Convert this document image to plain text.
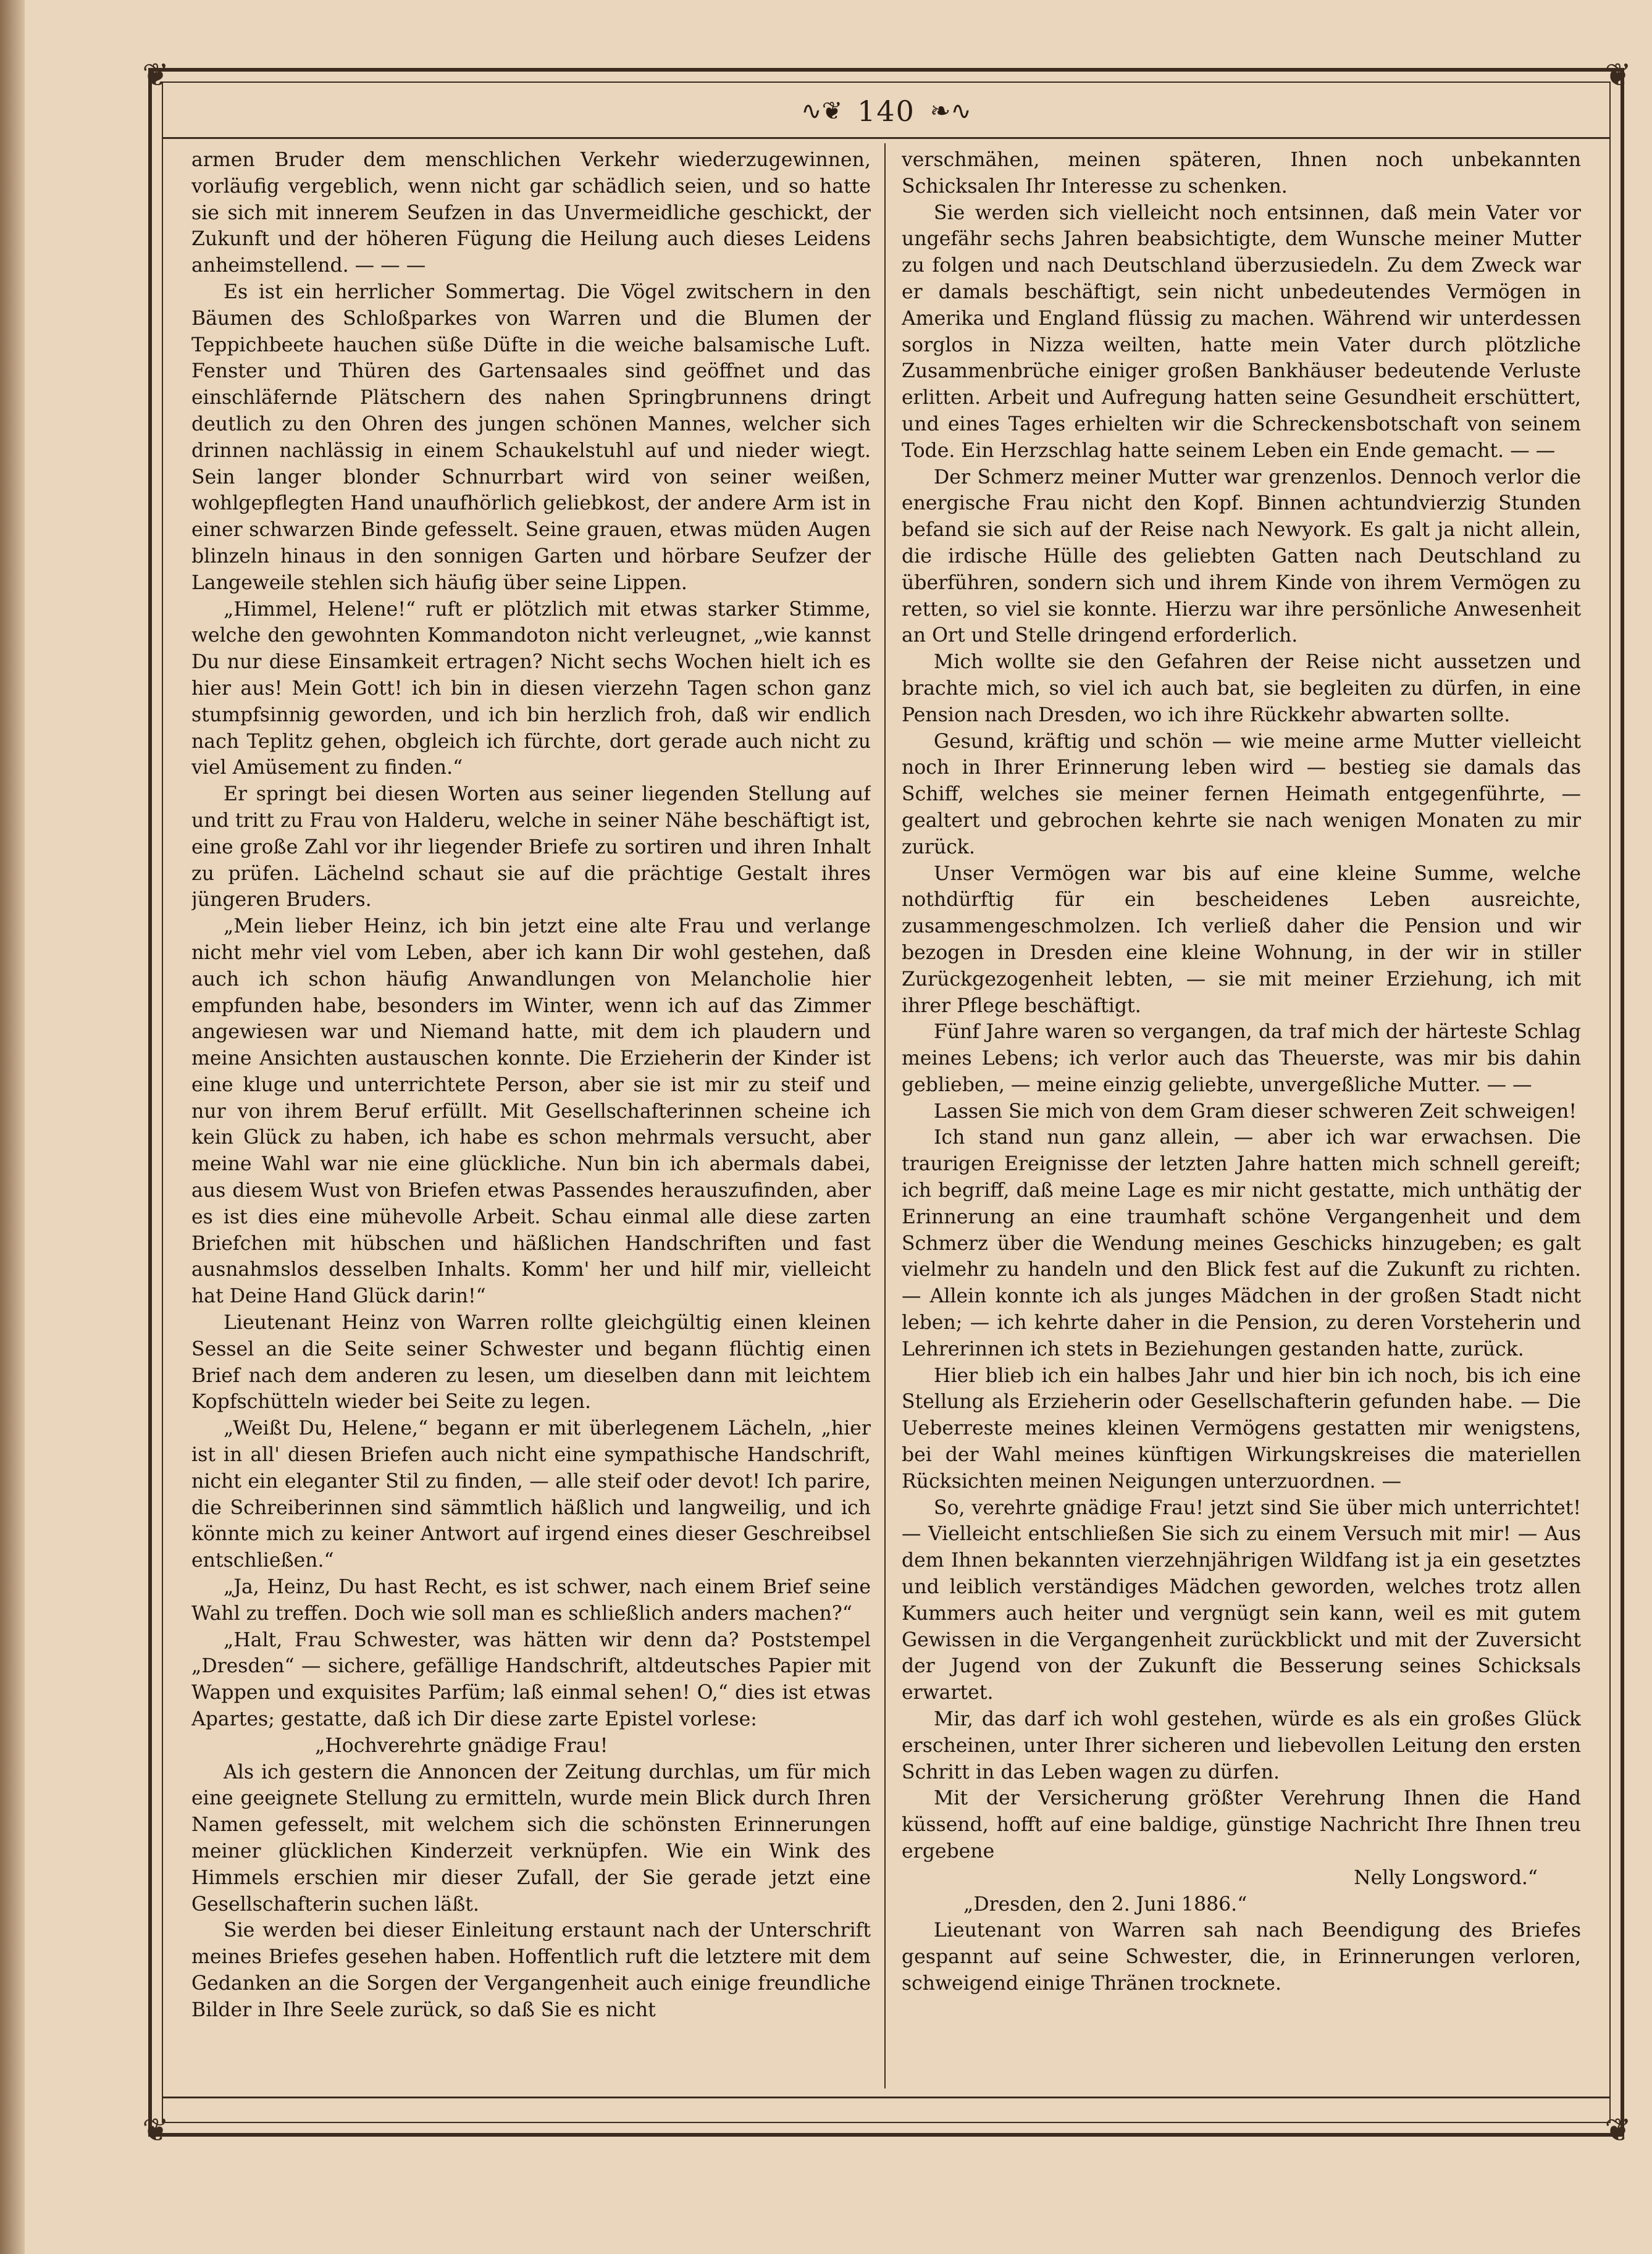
❦	❦
❦	❦
∿❦ 140 ❧∿

armen Bruder dem menschlichen Verkehr wiederzugewinnen, vorläufig vergeblich, wenn nicht gar schädlich seien, und so hatte sie sich mit innerem Seufzen in das Unvermeidliche geschickt, der Zukunft und der höheren Fügung die Heilung auch dieses Leidens anheimstellend. — — —

Es ist ein herrlicher Sommertag. Die Vögel zwitschern in den Bäumen des Schloßparkes von Warren und die Blumen der Teppichbeete hauchen süße Düfte in die weiche balsamische Luft. Fenster und Thüren des Gartensaales sind geöffnet und das einschläfernde Plätschern des nahen Springbrunnens dringt deutlich zu den Ohren des jungen schönen Mannes, welcher sich drinnen nachlässig in einem Schaukelstuhl auf und nieder wiegt. Sein langer blonder Schnurrbart wird von seiner weißen, wohlgepflegten Hand unaufhörlich geliebkost, der andere Arm ist in einer schwarzen Binde gefesselt. Seine grauen, etwas müden Augen blinzeln hinaus in den sonnigen Garten und hörbare Seufzer der Langeweile stehlen sich häufig über seine Lippen.

„Himmel, Helene!“ ruft er plötzlich mit etwas starker Stimme, welche den gewohnten Kommandoton nicht verleugnet, „wie kannst Du nur diese Einsamkeit ertragen? Nicht sechs Wochen hielt ich es hier aus! Mein Gott! ich bin in diesen vierzehn Tagen schon ganz stumpfsinnig geworden, und ich bin herzlich froh, daß wir endlich nach Teplitz gehen, obgleich ich fürchte, dort gerade auch nicht zu viel Amüsement zu finden.“

Er springt bei diesen Worten aus seiner liegenden Stellung auf und tritt zu Frau von Halderu, welche in seiner Nähe beschäftigt ist, eine große Zahl vor ihr liegender Briefe zu sortiren und ihren Inhalt zu prüfen. Lächelnd schaut sie auf die prächtige Gestalt ihres jüngeren Bruders.

„Mein lieber Heinz, ich bin jetzt eine alte Frau und verlange nicht mehr viel vom Leben, aber ich kann Dir wohl gestehen, daß auch ich schon häufig Anwandlungen von Melancholie hier empfunden habe, besonders im Winter, wenn ich auf das Zimmer angewiesen war und Niemand hatte, mit dem ich plaudern und meine Ansichten austauschen konnte. Die Erzieherin der Kinder ist eine kluge und unterrichtete Person, aber sie ist mir zu steif und nur von ihrem Beruf erfüllt. Mit Gesellschafterinnen scheine ich kein Glück zu haben, ich habe es schon mehrmals versucht, aber meine Wahl war nie eine glückliche. Nun bin ich abermals dabei, aus diesem Wust von Briefen etwas Passendes herauszufinden, aber es ist dies eine mühevolle Arbeit. Schau einmal alle diese zarten Briefchen mit hübschen und häßlichen Handschriften und fast ausnahmslos desselben Inhalts. Komm' her und hilf mir, vielleicht hat Deine Hand Glück darin!“

Lieutenant Heinz von Warren rollte gleichgültig einen kleinen Sessel an die Seite seiner Schwester und begann flüchtig einen Brief nach dem anderen zu lesen, um dieselben dann mit leichtem Kopfschütteln wieder bei Seite zu legen.

„Weißt Du, Helene,“ begann er mit überlegenem Lächeln, „hier ist in all' diesen Briefen auch nicht eine sympathische Handschrift, nicht ein eleganter Stil zu finden, — alle steif oder devot! Ich parire, die Schreiberinnen sind sämmtlich häßlich und langweilig, und ich könnte mich zu keiner Antwort auf irgend eines dieser Geschreibsel entschließen.“

„Ja, Heinz, Du hast Recht, es ist schwer, nach einem Brief seine Wahl zu treffen. Doch wie soll man es schließlich anders machen?“

„Halt, Frau Schwester, was hätten wir denn da? Poststempel „Dresden“ — sichere, gefällige Handschrift, altdeutsches Papier mit Wappen und exquisites Parfüm; laß einmal sehen! O,“ dies ist etwas Apartes; gestatte, daß ich Dir diese zarte Epistel vorlese:

„Hochverehrte gnädige Frau!

Als ich gestern die Annoncen der Zeitung durchlas, um für mich eine geeignete Stellung zu ermitteln, wurde mein Blick durch Ihren Namen gefesselt, mit welchem sich die schönsten Erinnerungen meiner glücklichen Kinderzeit verknüpfen. Wie ein Wink des Himmels erschien mir dieser Zufall, der Sie gerade jetzt eine Gesellschafterin suchen läßt.

Sie werden bei dieser Einleitung erstaunt nach der Unterschrift meines Briefes gesehen haben. Hoffentlich ruft die letztere mit dem Gedanken an die Sorgen der Vergangenheit auch einige freundliche Bilder in Ihre Seele zurück, so daß Sie es nicht

verschmähen, meinen späteren, Ihnen noch unbekannten Schicksalen Ihr Interesse zu schenken.

Sie werden sich vielleicht noch entsinnen, daß mein Vater vor ungefähr sechs Jahren beabsichtigte, dem Wunsche meiner Mutter zu folgen und nach Deutschland überzusiedeln. Zu dem Zweck war er damals beschäftigt, sein nicht unbedeutendes Vermögen in Amerika und England flüssig zu machen. Während wir unterdessen sorglos in Nizza weilten, hatte mein Vater durch plötzliche Zusammenbrüche einiger großen Bankhäuser bedeutende Verluste erlitten. Arbeit und Aufregung hatten seine Gesundheit erschüttert, und eines Tages erhielten wir die Schreckensbotschaft von seinem Tode. Ein Herzschlag hatte seinem Leben ein Ende gemacht. — —

Der Schmerz meiner Mutter war grenzenlos. Dennoch verlor die energische Frau nicht den Kopf. Binnen achtundvierzig Stunden befand sie sich auf der Reise nach Newyork. Es galt ja nicht allein, die irdische Hülle des geliebten Gatten nach Deutschland zu überführen, sondern sich und ihrem Kinde von ihrem Vermögen zu retten, so viel sie konnte. Hierzu war ihre persönliche Anwesenheit an Ort und Stelle dringend erforderlich.

Mich wollte sie den Gefahren der Reise nicht aussetzen und brachte mich, so viel ich auch bat, sie begleiten zu dürfen, in eine Pension nach Dresden, wo ich ihre Rückkehr abwarten sollte.

Gesund, kräftig und schön — wie meine arme Mutter vielleicht noch in Ihrer Erinnerung leben wird — bestieg sie damals das Schiff, welches sie meiner fernen Heimath entgegenführte, — gealtert und gebrochen kehrte sie nach wenigen Monaten zu mir zurück.

Unser Vermögen war bis auf eine kleine Summe, welche nothdürftig für ein bescheidenes Leben ausreichte, zusammengeschmolzen. Ich verließ daher die Pension und wir bezogen in Dresden eine kleine Wohnung, in der wir in stiller Zurückgezogenheit lebten, — sie mit meiner Erziehung, ich mit ihrer Pflege beschäftigt.

Fünf Jahre waren so vergangen, da traf mich der härteste Schlag meines Lebens; ich verlor auch das Theuerste, was mir bis dahin geblieben, — meine einzig geliebte, unvergeßliche Mutter. — —

Lassen Sie mich von dem Gram dieser schweren Zeit schweigen!

Ich stand nun ganz allein, — aber ich war erwachsen. Die traurigen Ereignisse der letzten Jahre hatten mich schnell gereift; ich begriff, daß meine Lage es mir nicht gestatte, mich unthätig der Erinnerung an eine traumhaft schöne Vergangenheit und dem Schmerz über die Wendung meines Geschicks hinzugeben; es galt vielmehr zu handeln und den Blick fest auf die Zukunft zu richten. — Allein konnte ich als junges Mädchen in der großen Stadt nicht leben; — ich kehrte daher in die Pension, zu deren Vorsteherin und Lehrerinnen ich stets in Beziehungen gestanden hatte, zurück.

Hier blieb ich ein halbes Jahr und hier bin ich noch, bis ich eine Stellung als Erzieherin oder Gesellschafterin gefunden habe. — Die Ueberreste meines kleinen Vermögens gestatten mir wenigstens, bei der Wahl meines künftigen Wirkungskreises die materiellen Rücksichten meinen Neigungen unterzuordnen. —

So, verehrte gnädige Frau! jetzt sind Sie über mich unterrichtet! — Vielleicht entschließen Sie sich zu einem Versuch mit mir! — Aus dem Ihnen bekannten vierzehnjährigen Wildfang ist ja ein gesetztes und leiblich verständiges Mädchen geworden, welches trotz allen Kummers auch heiter und vergnügt sein kann, weil es mit gutem Gewissen in die Vergangenheit zurückblickt und mit der Zuversicht der Jugend von der Zukunft die Besserung seines Schicksals erwartet.

Mir, das darf ich wohl gestehen, würde es als ein großes Glück erscheinen, unter Ihrer sicheren und liebevollen Leitung den ersten Schritt in das Leben wagen zu dürfen.

Mit der Versicherung größter Verehrung Ihnen die Hand küssend, hofft auf eine baldige, günstige Nachricht Ihre Ihnen treu ergebene

Nelly Longsword.“

„Dresden, den 2. Juni 1886.“

Lieutenant von Warren sah nach Beendigung des Briefes gespannt auf seine Schwester, die, in Erinnerungen verloren, schweigend einige Thränen trocknete.
